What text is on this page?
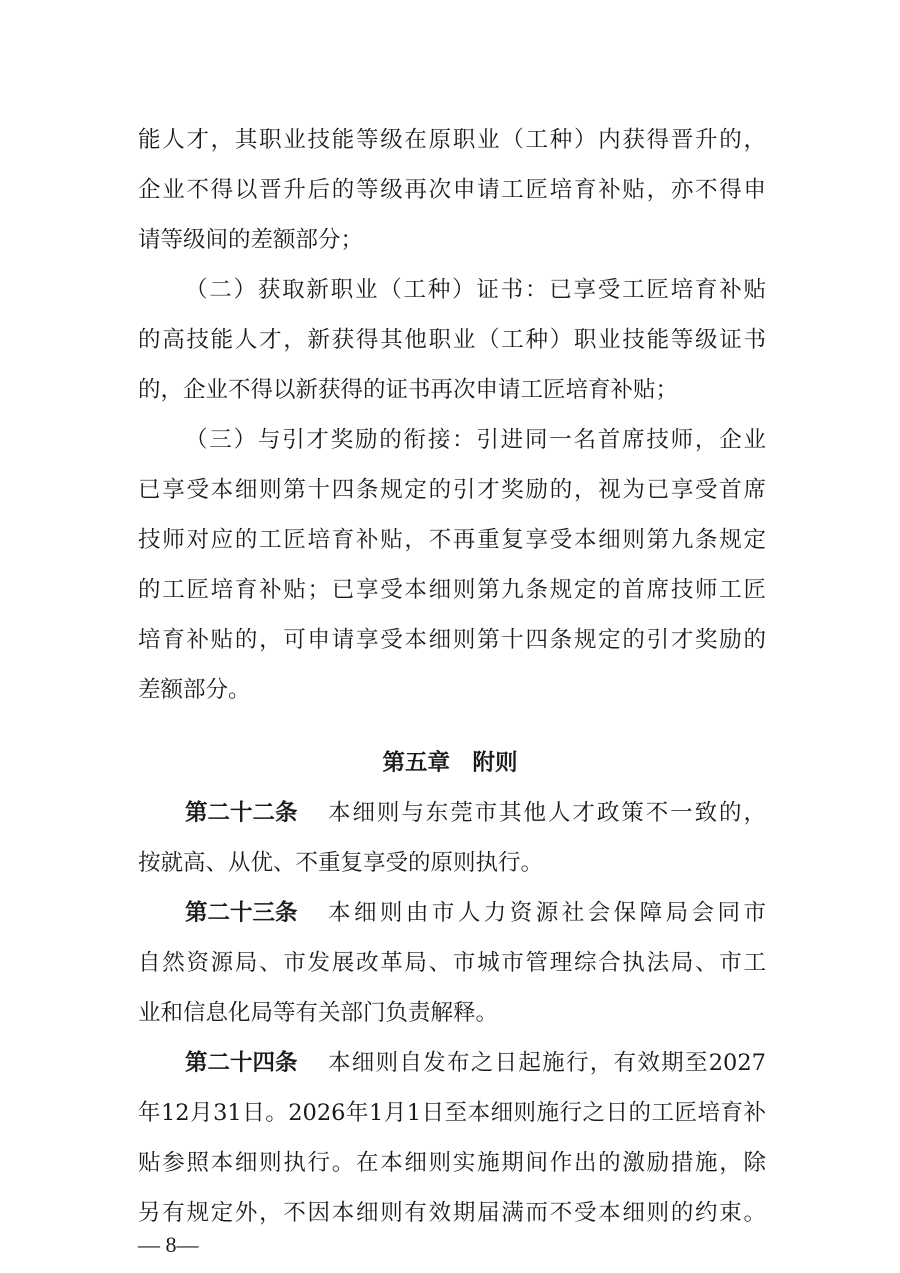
能人才，其职业技能等级在原职业（工种）内获得晋升的，
企业不得以晋升后的等级再次申请工匠培育补贴，亦不得申
请等级间的差额部分；
（二）获取新职业（工种）证书：已享受工匠培育补贴
的高技能人才，新获得其他职业（工种）职业技能等级证书
的，企业不得以新获得的证书再次申请工匠培育补贴；
（三）与引才奖励的衔接：引进同一名首席技师，企业
已享受本细则第十四条规定的引才奖励的，视为已享受首席
技师对应的工匠培育补贴，不再重复享受本细则第九条规定
的工匠培育补贴；已享受本细则第九条规定的首席技师工匠
培育补贴的，可申请享受本细则第十四条规定的引才奖励的
差额部分。
第五章　附则
第二十二条 本细则与东莞市其他人才政策不一致的，
按就高、从优、不重复享受的原则执行。
第二十三条 本细则由市人力资源社会保障局会同市
自然资源局、市发展改革局、市城市管理综合执法局、市工
业和信息化局等有关部门负责解释。
第二十四条 本细则自发布之日起施行，有效期至2027
年12月31日。2026年1月1日至本细则施行之日的工匠培育补
贴参照本细则执行。在本细则实施期间作出的激励措施，除
另有规定外，不因本细则有效期届满而不受本细则的约束。
— 8—
